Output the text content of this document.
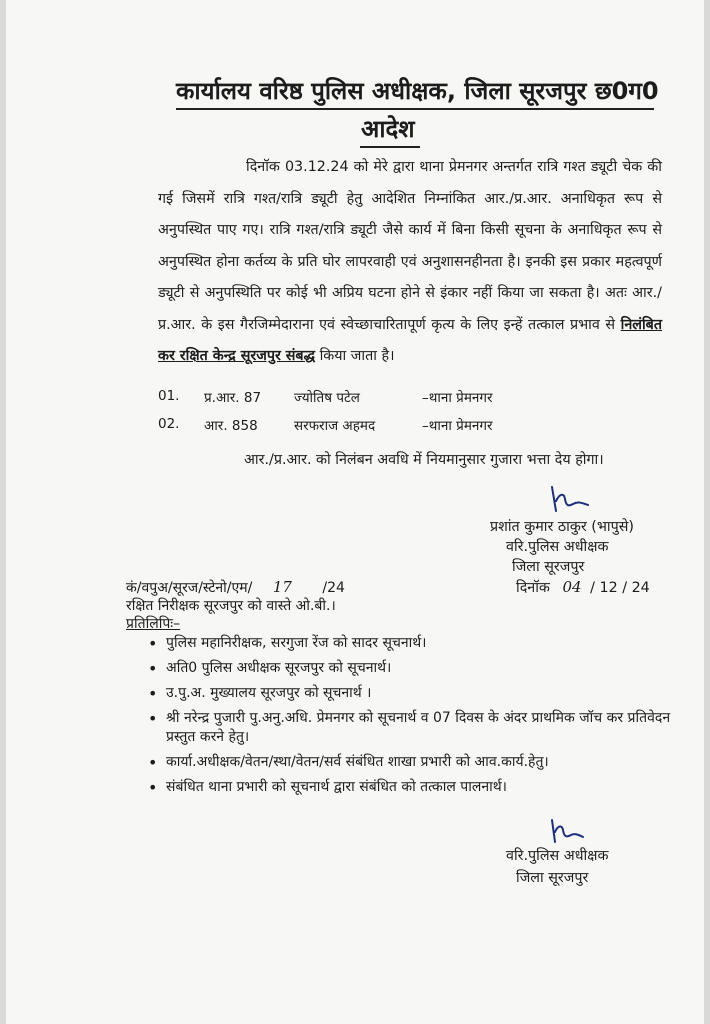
कार्यालय वरिष्ठ पुलिस अधीक्षक, जिला सूरजपुर छ0ग0
आदेश

दिनॉक 03.12.24 को मेरे द्वारा थाना प्रेमनगर अन्तर्गत रात्रि गश्त ड्यूटी चेक की गई जिसमें रात्रि गश्त/रात्रि ड्यूटी हेतु आदेशित निम्नांकित आर./प्र.आर. अनाधिकृत रूप से अनुपस्थित पाए गए। रात्रि गश्त/रात्रि ड्यूटी जैसे कार्य में बिना किसी सूचना के अनाधिकृत रूप से अनुपस्थित होना कर्तव्य के प्रति घोर लापरवाही एवं अनुशासनहीनता है। इनकी इस प्रकार महत्वपूर्ण ड्यूटी से अनुपस्थिति पर कोई भी अप्रिय घटना होने से इंकार नहीं किया जा सकता है। अतः आर./प्र.आर. के इस गैरजिम्मेदाराना एवं स्वेच्छाचारितापूर्ण कृत्य के लिए इन्हें तत्काल प्रभाव से निलंबित कर रक्षित केन्द्र सूरजपुर संबद्ध किया जाता है।

01. प्र.आर. 87 ज्योतिष पटेल	–थाना प्रेमनगर
02. आर. 858	सरफराज अहमद	–थाना प्रेमनगर
आर./प्र.आर. को निलंबन अवधि में नियमानुसार गुजारा भत्ता देय होगा।
प्रशांत कुमार ठाकुर (भापुसे)
वरि.पुलिस अधीक्षक
जिला सूरजपुर
कं/वपुअ/सूरज/स्टेनो/एम/ 17 /24	दिनॉक 04 / 12 / 24
रक्षित निरीक्षक सूरजपुर को वास्ते ओ.बी.।
प्रतिलिपिः–
• पुलिस महानिरीक्षक, सरगुजा रेंज को सादर सूचनार्थ।
• अति0 पुलिस अधीक्षक सूरजपुर को सूचनार्थ।
• उ.पु.अ. मुख्यालय सूरजपुर को सूचनार्थ ।
• श्री नरेन्द्र पुजारी पु.अनु.अधि. प्रेमनगर को सूचनार्थ व 07 दिवस के अंदर प्राथमिक जॉच कर प्रतिवेदन प्रस्तुत करने हेतु।
• कार्या.अधीक्षक/वेतन/स्था/वेतन/सर्व संबंधित शाखा प्रभारी को आव.कार्य.हेतु।
• संबंधित थाना प्रभारी को सूचनार्थ द्वारा संबंधित को तत्काल पालनार्थ।
वरि.पुलिस अधीक्षक
जिला सूरजपुर
